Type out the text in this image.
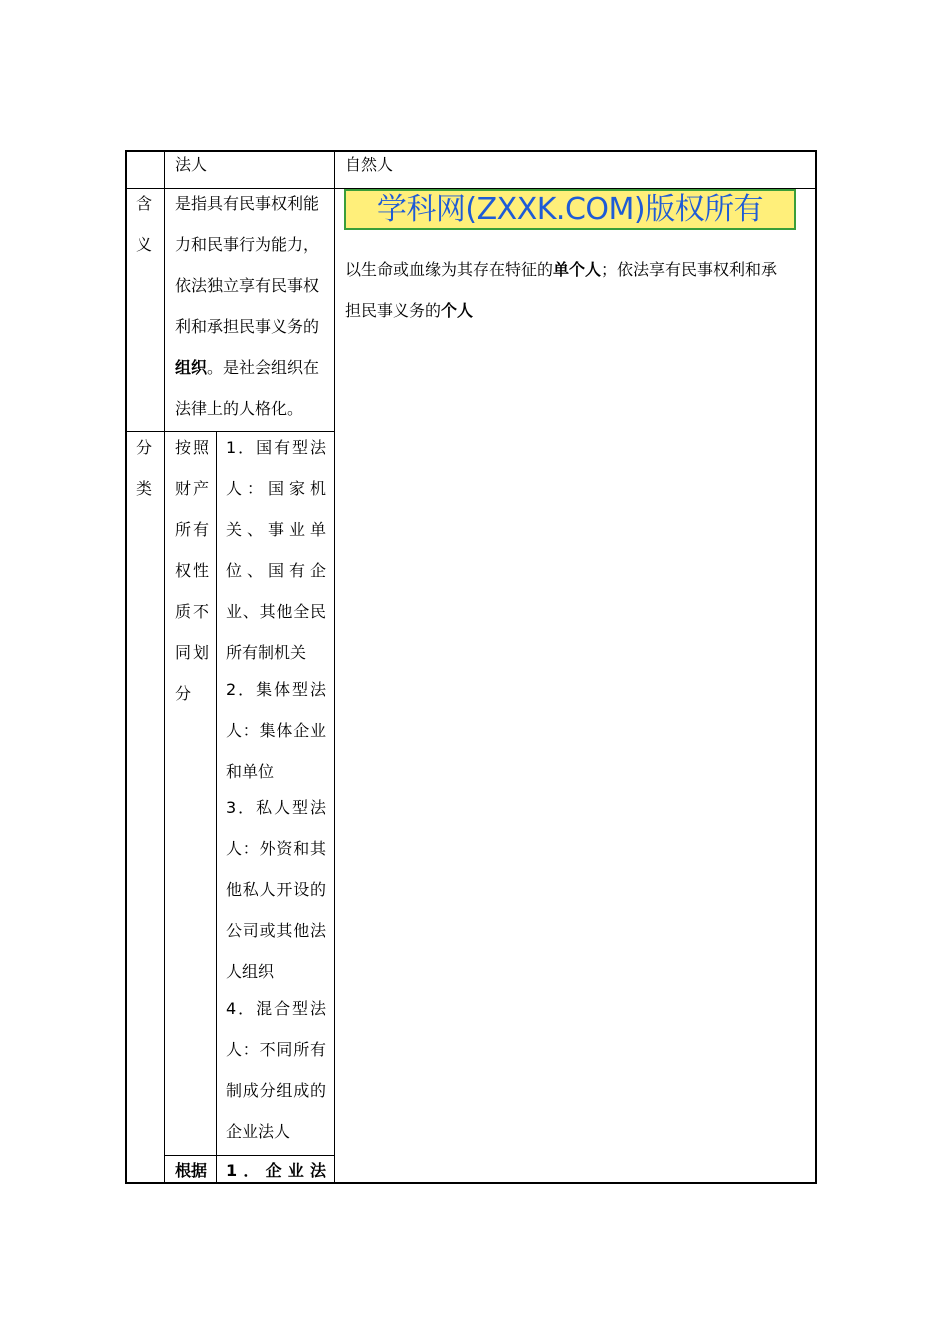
法人	自然人
含
义
是指具有民事权利能
力和民事行为能力，
依法独立享有民事权
利和承担民事义务的
组织。是社会组织在
法律上的人格化。
学科网(ZXXK.COM)版权所有
以生命或血缘为其存在特征的单个人；依法享有民事权利和承
担民事义务的个人
分
类
按照
财产
所有
权性
质不
同划
分
1．国有型法
人：国家机
关、事业单
位、国有企
业、其他全民
所有制机关
2．集体型法
人：集体企业
和单位
3．私人型法
人：外资和其
他私人开设的
公司或其他法
人组织
4．混合型法
人：不同所有
制成分组成的
企业法人
根据 1．企业法
